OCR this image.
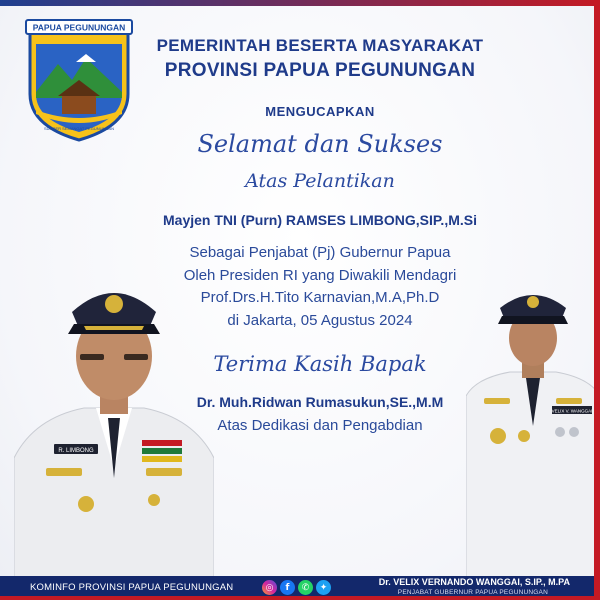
PAPUA PEGUNUNGAN
SUMBER SEMANGAT PEGUNUNGAN
PEMERINTAH BESERTA MASYARAKAT
PROVINSI PAPUA PEGUNUNGAN
MENGUCAPKAN
Selamat dan Sukses
Atas Pelantikan
Mayjen TNI (Purn) RAMSES LIMBONG,SIP.,M.Si
Sebagai Penjabat (Pj) Gubernur Papua
Oleh Presiden RI yang Diwakili Mendagri
Prof.Drs.H.Tito Karnavian,M.A,Ph.D
di Jakarta, 05 Agustus 2024
Terima Kasih Bapak
Dr. Muh.Ridwan Rumasukun,SE.,M.M
Atas Dedikasi dan Pengabdian
R. LIMBONG
VELIX V. WANGGAI
KOMINFO PROVINSI PAPUA PEGUNUNGAN	◎	f	✆	✦
Dr. VELIX VERNANDO WANGGAI, S.IP., M.PA
PENJABAT GUBERNUR PAPUA PEGUNUNGAN
